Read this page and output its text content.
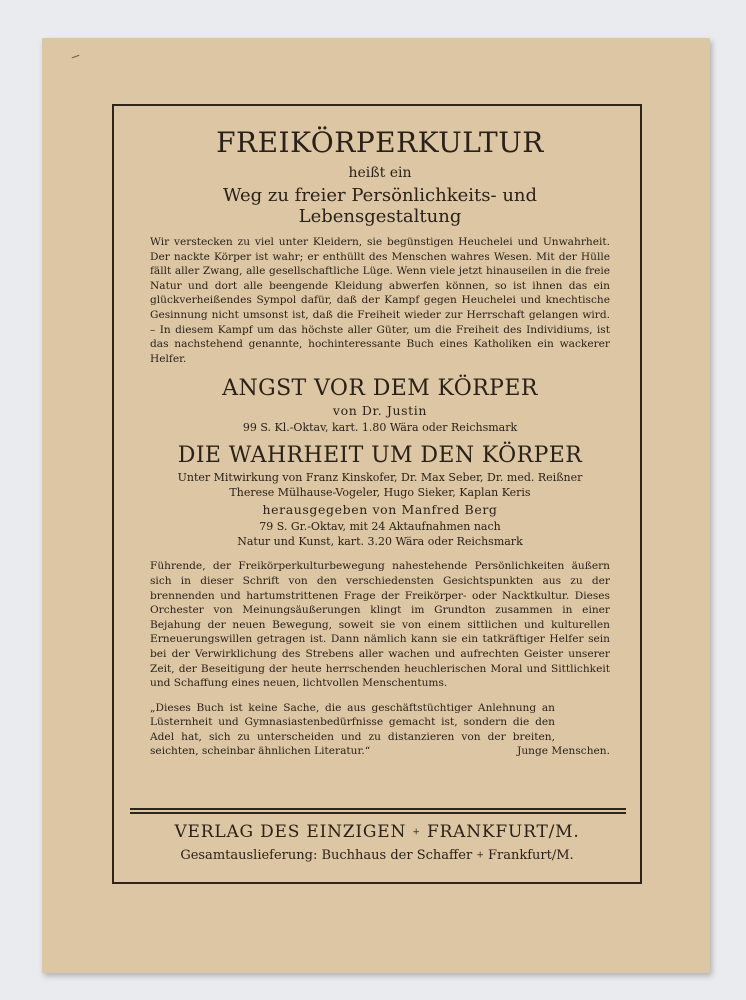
FREIKÖRPERKULTUR
heißt ein
Weg zu freier Persönlichkeits- und Lebensgestaltung

Wir verstecken zu viel unter Kleidern, sie begünstigen Heuchelei und Unwahrheit. Der nackte Körper ist wahr; er enthüllt des Menschen wahres Wesen. Mit der Hülle fällt aller Zwang, alle gesellschaftliche Lüge. Wenn viele jetzt hinauseilen in die freie Natur und dort alle beengende Kleidung abwerfen können, so ist ihnen das ein glückverheißendes Sympol dafür, daß der Kampf gegen Heuchelei und knechtische Gesinnung nicht umsonst ist, daß die Freiheit wieder zur Herrschaft gelangen wird. – In diesem Kampf um das höchste aller Güter, um die Freiheit des Individiums, ist das nachstehend genannte, hochinteressante Buch eines Katholiken ein wackerer Helfer.

ANGST VOR DEM KÖRPER
von Dr. Justin
99 S. Kl.-Oktav, kart. 1.80 Wära oder Reichsmark
DIE WAHRHEIT UM DEN KÖRPER
Unter Mitwirkung von Franz Kinskofer, Dr. Max Seber, Dr. med. Reißner
Therese Mülhause-Vogeler, Hugo Sieker, Kaplan Keris
herausgegeben von Manfred Berg
79 S. Gr.-Oktav, mit 24 Aktaufnahmen nach
Natur und Kunst, kart. 3.20 Wära oder Reichsmark

Führende, der Freikörperkulturbewegung nahestehende Persönlichkeiten äußern sich in dieser Schrift von den verschiedensten Gesichtspunkten aus zu der brennenden und hartumstrittenen Frage der Freikörper- oder Nacktkultur. Dieses Orchester von Meinungsäußerungen klingt im Grundton zusammen in einer Bejahung der neuen Bewegung, soweit sie von einem sittlichen und kulturellen Erneuerungswillen getragen ist. Dann nämlich kann sie ein tatkräftiger Helfer sein bei der Verwirklichung des Strebens aller wachen und aufrechten Geister unserer Zeit, der Beseitigung der heute herrschenden heuchlerischen Moral und Sittlichkeit und Schaffung eines neuen, lichtvollen Menschentums.

„Dieses Buch ist keine Sache, die aus geschäftstüchtiger Anlehnung an Lüsternheit und Gymnasiastenbedürfnisse gemacht ist, sondern die den Adel hat, sich zu unterscheiden und zu distanzieren von der breiten, seichten, scheinbar ähnlichen Literatur.“	Junge Menschen.
VERLAG DES EINZIGEN + FRANKFURT/M.
Gesamtauslieferung: Buchhaus der Schaffer + Frankfurt/M.
